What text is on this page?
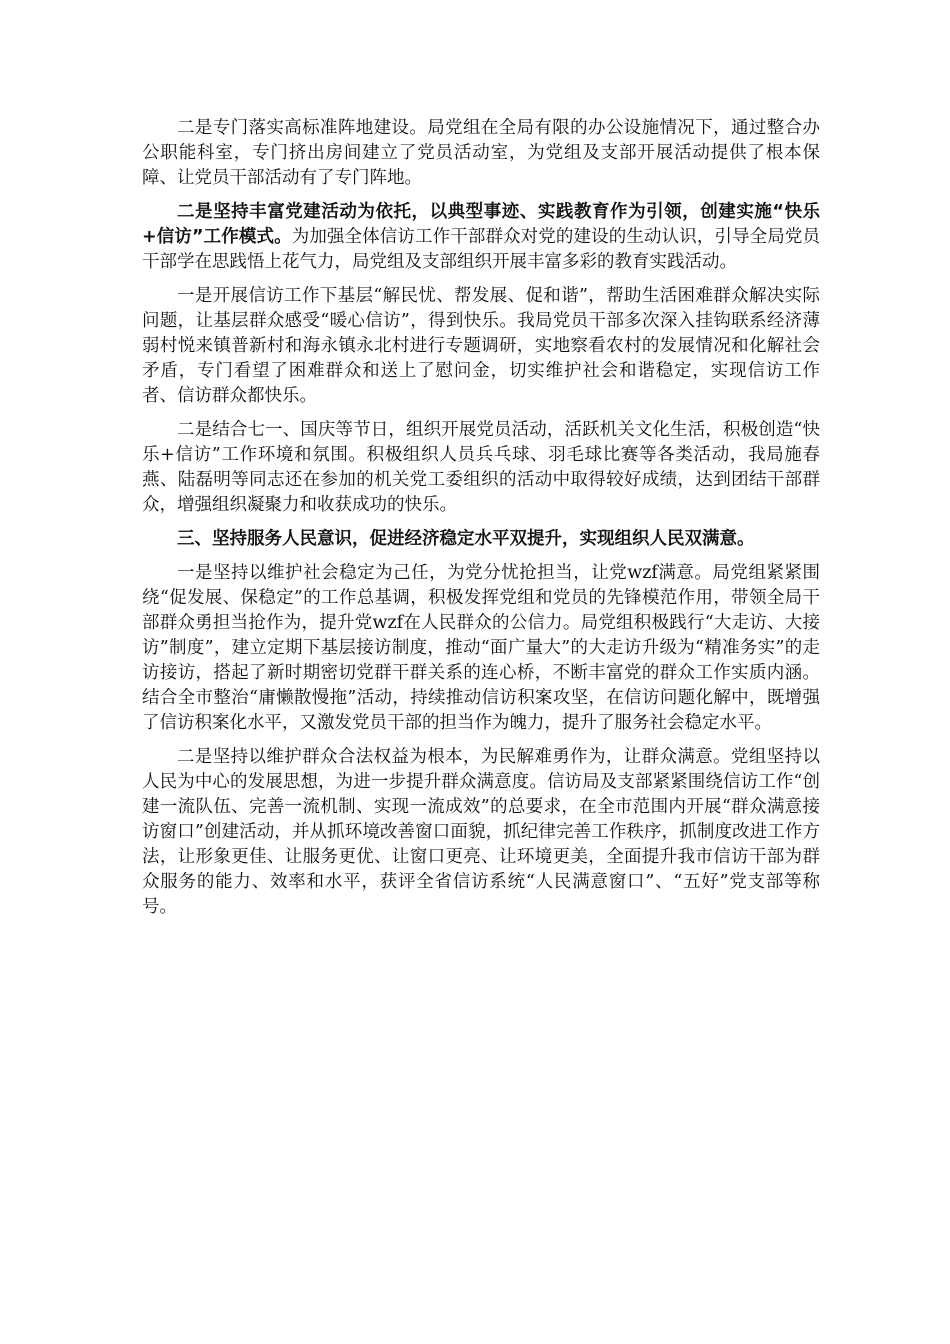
二是专门落实高标准阵地建设。局党组在全局有限的办公设施情况下，通过整合办公职能科室，专门挤出房间建立了党员活动室，为党组及支部开展活动提供了根本保障、让党员干部活动有了专门阵地。

二是坚持丰富党建活动为依托，以典型事迹、实践教育作为引领，创建实施“快乐+信访”工作模式。为加强全体信访工作干部群众对党的建设的生动认识，引导全局党员干部学在思践悟上花气力，局党组及支部组织开展丰富多彩的教育实践活动。

一是开展信访工作下基层“解民忧、帮发展、促和谐”，帮助生活困难群众解决实际问题，让基层群众感受“暖心信访”，得到快乐。我局党员干部多次深入挂钩联系经济薄弱村悦来镇普新村和海永镇永北村进行专题调研，实地察看农村的发展情况和化解社会矛盾，专门看望了困难群众和送上了慰问金，切实维护社会和谐稳定，实现信访工作者、信访群众都快乐。

二是结合七一、国庆等节日，组织开展党员活动，活跃机关文化生活，积极创造“快乐+信访”工作环境和氛围。积极组织人员兵乓球、羽毛球比赛等各类活动，我局施春燕、陆磊明等同志还在参加的机关党工委组织的活动中取得较好成绩，达到团结干部群众，增强组织凝聚力和收获成功的快乐。

三、坚持服务人民意识，促进经济稳定水平双提升，实现组织人民双满意。

一是坚持以维护社会稳定为己任，为党分忧抢担当，让党wzf满意。局党组紧紧围绕“促发展、保稳定”的工作总基调，积极发挥党组和党员的先锋模范作用，带领全局干部群众勇担当抢作为，提升党wzf在人民群众的公信力。局党组积极践行“大走访、大接访”制度”，建立定期下基层接访制度，推动“面广量大”的大走访升级为“精准务实”的走访接访，搭起了新时期密切党群干群关系的连心桥，不断丰富党的群众工作实质内涵。结合全市整治“庸懒散慢拖”活动，持续推动信访积案攻坚，在信访问题化解中，既增强了信访积案化水平，又激发党员干部的担当作为魄力，提升了服务社会稳定水平。

二是坚持以维护群众合法权益为根本，为民解难勇作为，让群众满意。党组坚持以人民为中心的发展思想，为进一步提升群众满意度。信访局及支部紧紧围绕信访工作“创建一流队伍、完善一流机制、实现一流成效”的总要求，在全市范围内开展“群众满意接访窗口”创建活动，并从抓环境改善窗口面貌，抓纪律完善工作秩序，抓制度改进工作方法，让形象更佳、让服务更优、让窗口更亮、让环境更美，全面提升我市信访干部为群众服务的能力、效率和水平，获评全省信访系统“人民满意窗口”、“五好”党支部等称号。
